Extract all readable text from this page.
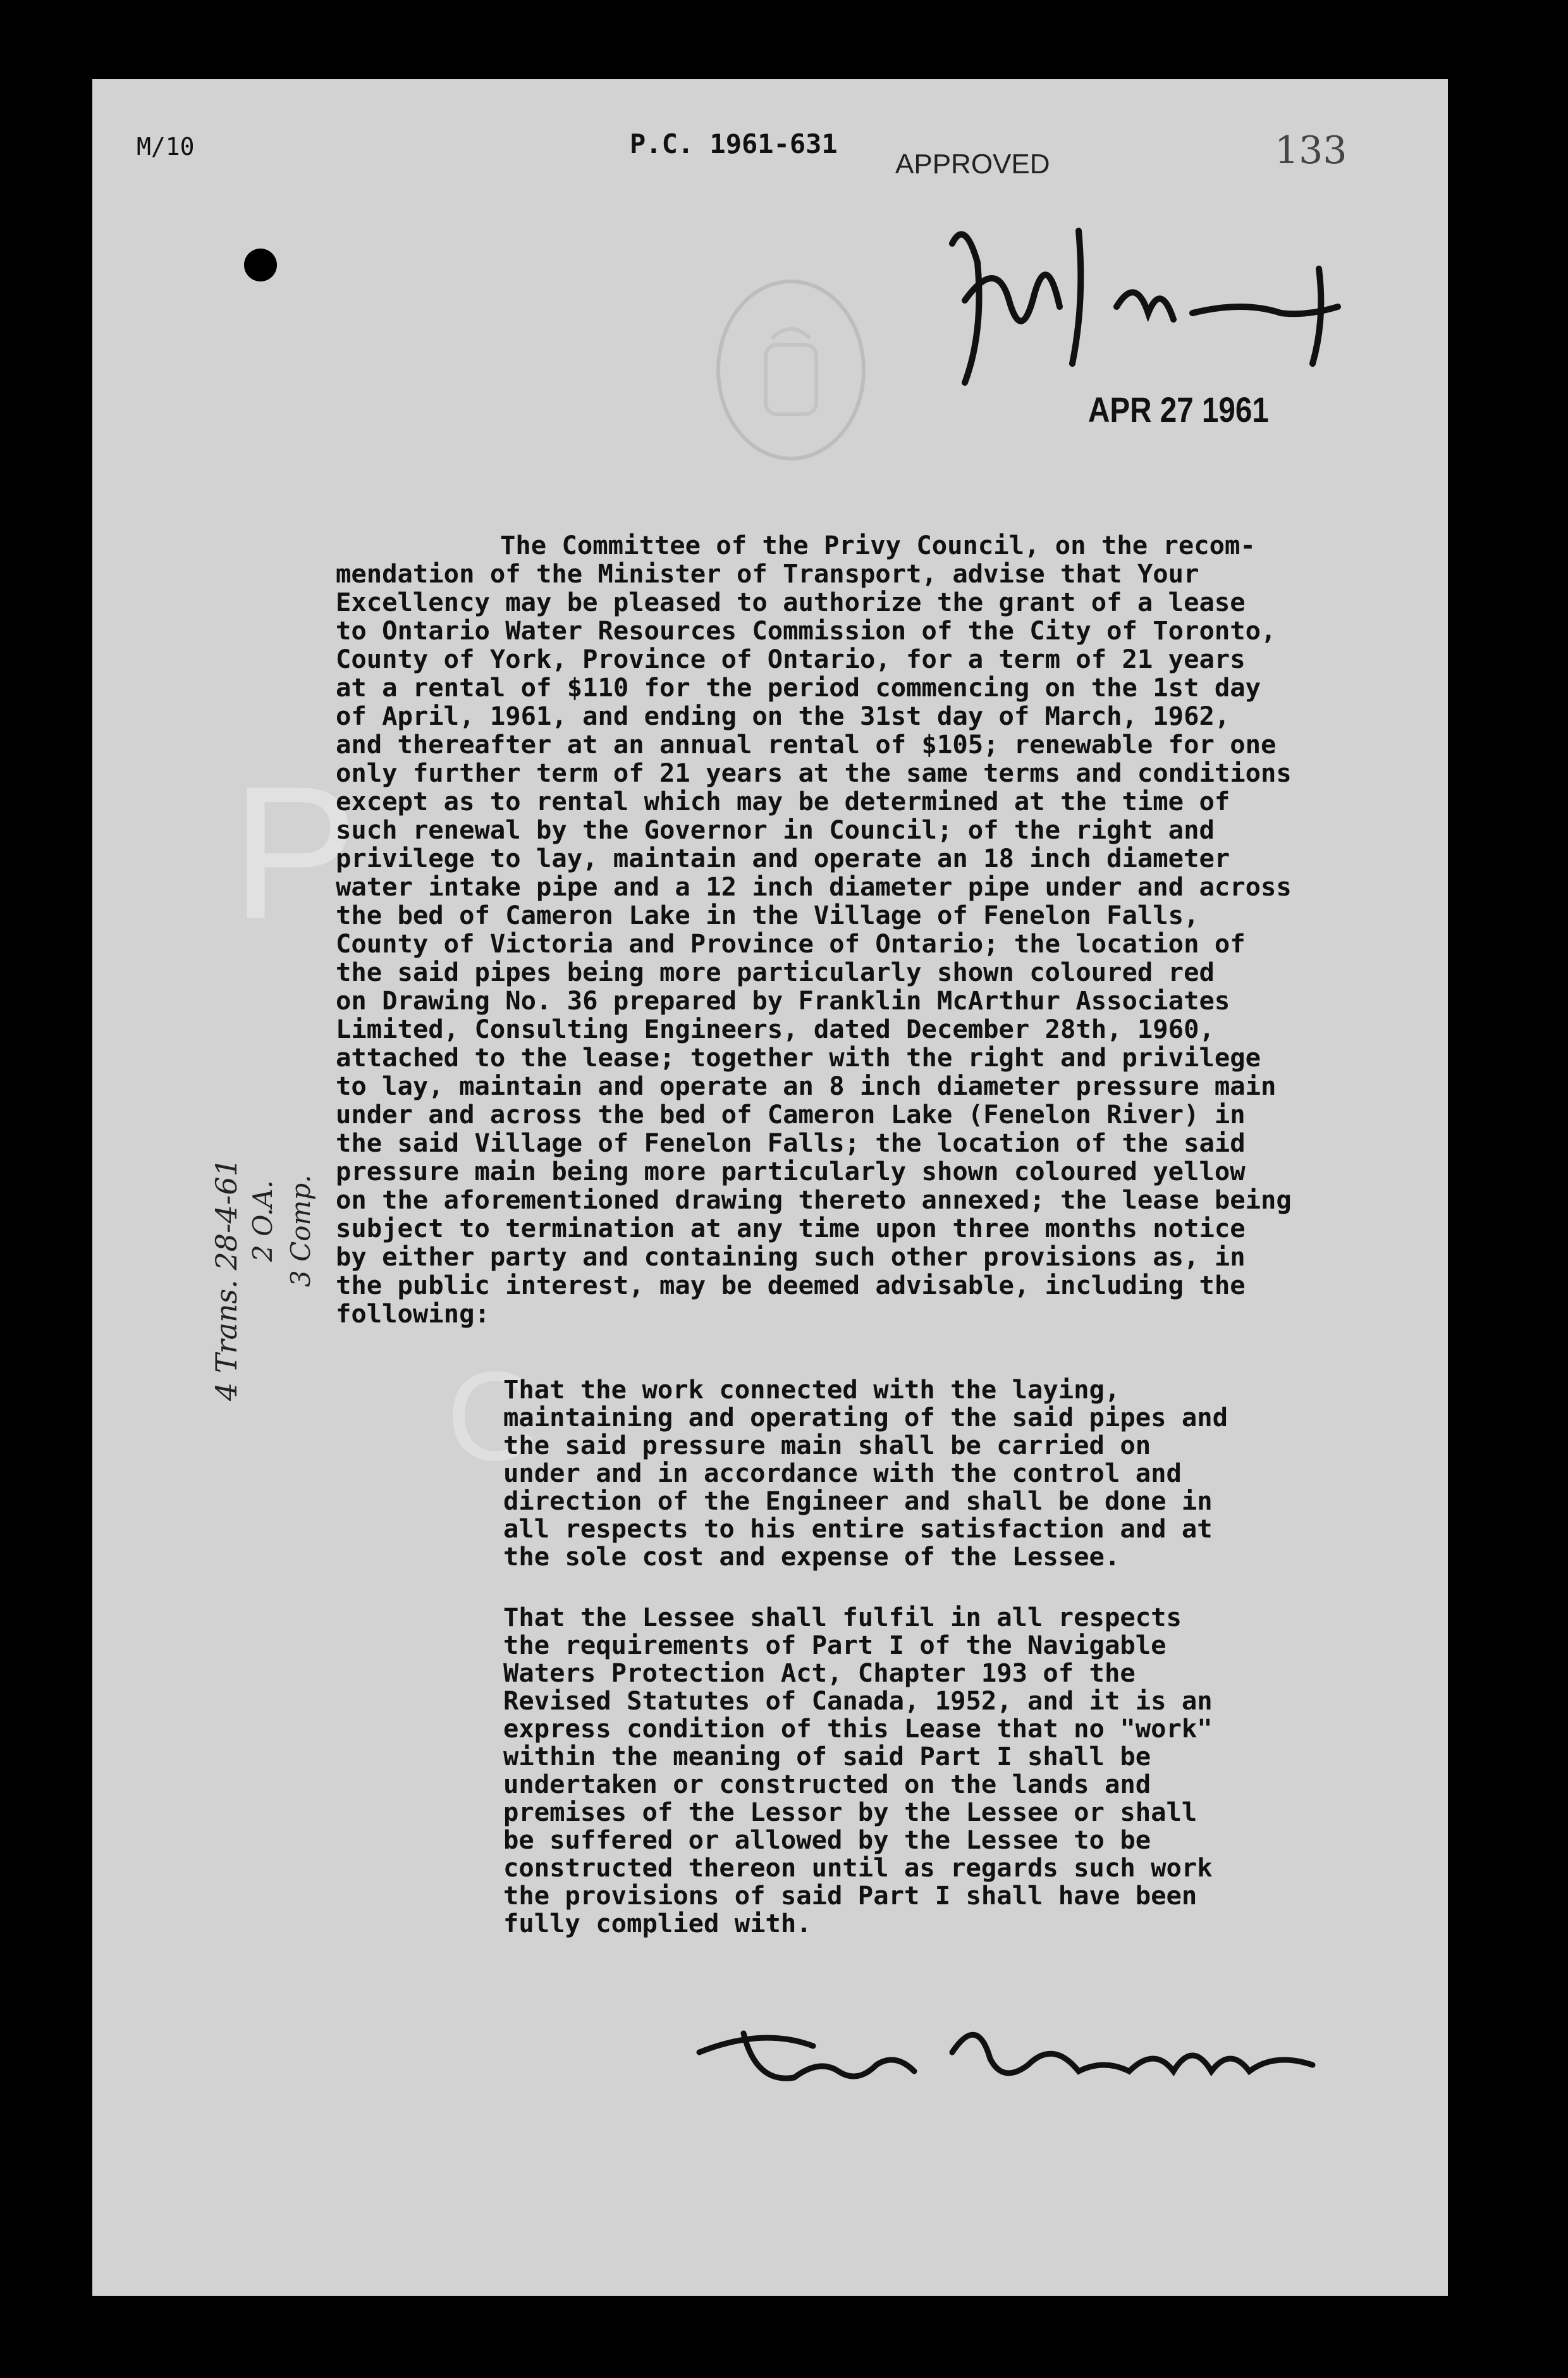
M/10	P.C. 1961-631
APPROVED	133
APR 27 1961
P
C
4 Trans. 28-4-61 2 O.A. 3 Comp.
The Committee of the Privy Council, on the recom-
mendation of the Minister of Transport, advise that Your
Excellency may be pleased to authorize the grant of a lease
to Ontario Water Resources Commission of the City of Toronto,
County of York, Province of Ontario, for a term of 21 years
at a rental of $110 for the period commencing on the 1st day
of April, 1961, and ending on the 31st day of March, 1962,
and thereafter at an annual rental of $105; renewable for one
only further term of 21 years at the same terms and conditions
except as to rental which may be determined at the time of
such renewal by the Governor in Council; of the right and
privilege to lay, maintain and operate an 18 inch diameter
water intake pipe and a 12 inch diameter pipe under and across
the bed of Cameron Lake in the Village of Fenelon Falls,
County of Victoria and Province of Ontario; the location of
the said pipes being more particularly shown coloured red
on Drawing No. 36 prepared by Franklin McArthur Associates
Limited, Consulting Engineers, dated December 28th, 1960,
attached to the lease; together with the right and privilege
to lay, maintain and operate an 8 inch diameter pressure main
under and across the bed of Cameron Lake (Fenelon River) in
the said Village of Fenelon Falls; the location of the said
pressure main being more particularly shown coloured yellow
on the aforementioned drawing thereto annexed; the lease being
subject to termination at any time upon three months notice
by either party and containing such other provisions as, in
the public interest, may be deemed advisable, including the
following:
That the work connected with the laying,
maintaining and operating of the said pipes and
the said pressure main shall be carried on
under and in accordance with the control and
direction of the Engineer and shall be done in
all respects to his entire satisfaction and at
the sole cost and expense of the Lessee.
That the Lessee shall fulfil in all respects
the requirements of Part I of the Navigable
Waters Protection Act, Chapter 193 of the
Revised Statutes of Canada, 1952, and it is an
express condition of this Lease that no "work"
within the meaning of said Part I shall be
undertaken or constructed on the lands and
premises of the Lessor by the Lessee or shall
be suffered or allowed by the Lessee to be
constructed thereon until as regards such work
the provisions of said Part I shall have been
fully complied with.
